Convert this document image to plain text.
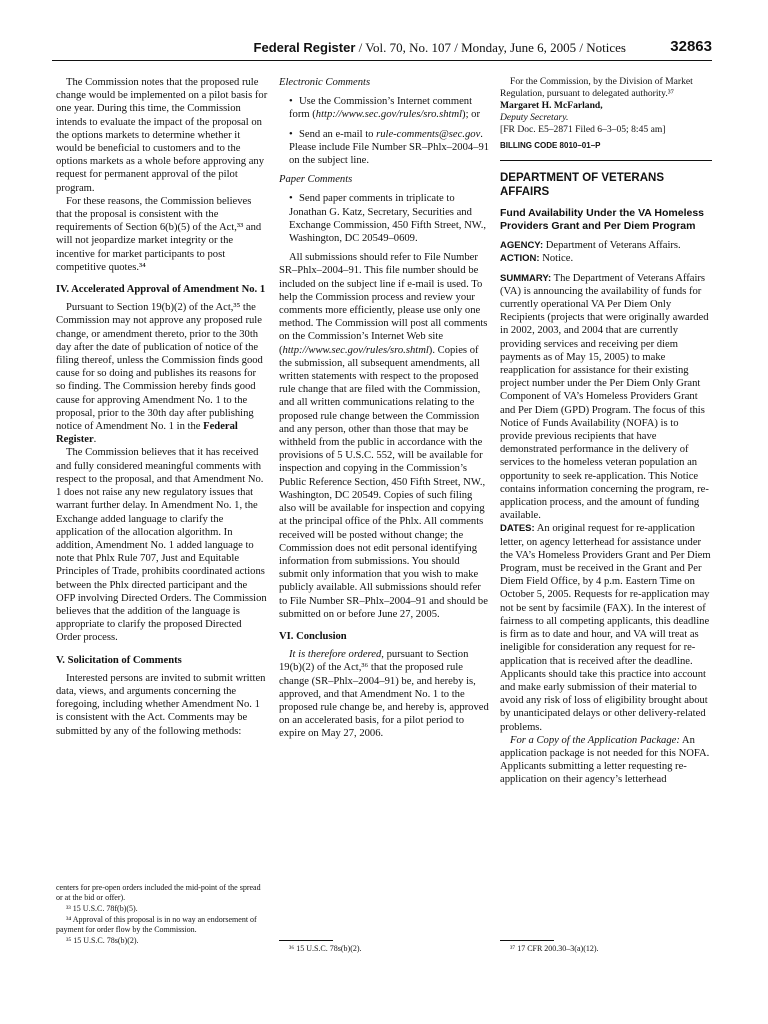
Federal Register / Vol. 70, No. 107 / Monday, June 6, 2005 / Notices	32863

The Commission notes that the proposed rule change would be implemented on a pilot basis for one year. During this time, the Commission intends to evaluate the impact of the proposal on the options markets to determine whether it would be beneficial to customers and to the options markets as a whole before approving any request for permanent approval of the pilot program.

For these reasons, the Commission believes that the proposal is consistent with the requirements of Section 6(b)(5) of the Act,³³ and will not jeopardize market integrity or the incentive for market participants to post competitive quotes.³⁴

IV. Accelerated Approval of Amendment No. 1

Pursuant to Section 19(b)(2) of the Act,³⁵ the Commission may not approve any proposed rule change, or amendment thereto, prior to the 30th day after the date of publication of notice of the filing thereof, unless the Commission finds good cause for so doing and publishes its reasons for so finding. The Commission hereby finds good cause for approving Amendment No. 1 to the proposal, prior to the 30th day after publishing notice of Amendment No. 1 in the Federal Register.

The Commission believes that it has received and fully considered meaningful comments with respect to the proposal, and that Amendment No. 1 does not raise any new regulatory issues that warrant further delay. In Amendment No. 1, the Exchange added language to clarify the application of the allocation algorithm. In addition, Amendment No. 1 added language to note that Phlx Rule 707, Just and Equitable Principles of Trade, prohibits coordinated actions between the Phlx directed participant and the OFP involving Directed Orders. The Commission believes that the addition of the language is appropriate to clarify the proposed Directed Order process.

V. Solicitation of Comments

Interested persons are invited to submit written data, views, and arguments concerning the foregoing, including whether Amendment No. 1 is consistent with the Act. Comments may be submitted by any of the following methods:

Electronic Comments

• Use the Commission’s Internet comment form (http://www.sec.gov/rules/sro.shtml); or

• Send an e-mail to rule-comments@sec.gov. Please include File Number SR–Phlx–2004–91 on the subject line.

Paper Comments

• Send paper comments in triplicate to Jonathan G. Katz, Secretary, Securities and Exchange Commission, 450 Fifth Street, NW., Washington, DC 20549–0609.

All submissions should refer to File Number SR–Phlx–2004–91. This file number should be included on the subject line if e-mail is used. To help the Commission process and review your comments more efficiently, please use only one method. The Commission will post all comments on the Commission’s Internet Web site (http://www.sec.gov/rules/sro.shtml). Copies of the submission, all subsequent amendments, all written statements with respect to the proposed rule change that are filed with the Commission, and all written communications relating to the proposed rule change between the Commission and any person, other than those that may be withheld from the public in accordance with the provisions of 5 U.S.C. 552, will be available for inspection and copying in the Commission’s Public Reference Section, 450 Fifth Street, NW., Washington, DC 20549. Copies of such filing also will be available for inspection and copying at the principal office of the Phlx. All comments received will be posted without change; the Commission does not edit personal identifying information from submissions. You should submit only information that you wish to make publicly available. All submissions should refer to File Number SR–Phlx–2004–91 and should be submitted on or before June 27, 2005.

VI. Conclusion

It is therefore ordered, pursuant to Section 19(b)(2) of the Act,³⁶ that the proposed rule change (SR–Phlx–2004–91) be, and hereby is, approved, and that Amendment No. 1 to the proposed rule change be, and hereby is, approved on an accelerated basis, for a pilot period to expire on May 27, 2006.

For the Commission, by the Division of Market Regulation, pursuant to delegated authority.³⁷

Margaret H. McFarland,

Deputy Secretary.

[FR Doc. E5–2871 Filed 6–3–05; 8:45 am]

BILLING CODE 8010–01–P

DEPARTMENT OF VETERANS AFFAIRS

Fund Availability Under the VA Homeless Providers Grant and Per Diem Program

AGENCY: Department of Veterans Affairs.

ACTION: Notice.

SUMMARY: The Department of Veterans Affairs (VA) is announcing the availability of funds for currently operational VA Per Diem Only Recipients (projects that were originally awarded in 2002, 2003, and 2004 that are currently providing services and receiving per diem payments as of May 15, 2005) to make reapplication for assistance for their existing project number under the Per Diem Only Grant Component of VA’s Homeless Providers Grant and Per Diem (GPD) Program. The focus of this Notice of Funds Availability (NOFA) is to provide previous recipients that have demonstrated performance in the delivery of services to the homeless veteran population an opportunity to seek re-application. This Notice contains information concerning the program, re-application process, and the amount of funding available.

DATES: An original request for re-application letter, on agency letterhead for assistance under the VA’s Homeless Providers Grant and Per Diem Program, must be received in the Grant and Per Diem Field Office, by 4 p.m. Eastern Time on October 5, 2005. Requests for re-application may not be sent by facsimile (FAX). In the interest of fairness to all competing applicants, this deadline is firm as to date and hour, and VA will treat as ineligible for consideration any request for re-application that is received after the deadline. Applicants should take this practice into account and make early submission of their material to avoid any risk of loss of eligibility brought about by unanticipated delays or other delivery-related problems.

For a Copy of the Application Package: An application package is not needed for this NOFA. Applicants submitting a letter requesting re-application on their agency’s letterhead

centers for pre-open orders included the mid-point of the spread or at the bid or offer).

³³ 15 U.S.C. 78f(b)(5).

³⁴ Approval of this proposal is in no way an endorsement of payment for order flow by the Commission.

³⁵ 15 U.S.C. 78s(b)(2).

³⁶ 15 U.S.C. 78s(b)(2).	³⁷ 17 CFR 200.30–3(a)(12).
